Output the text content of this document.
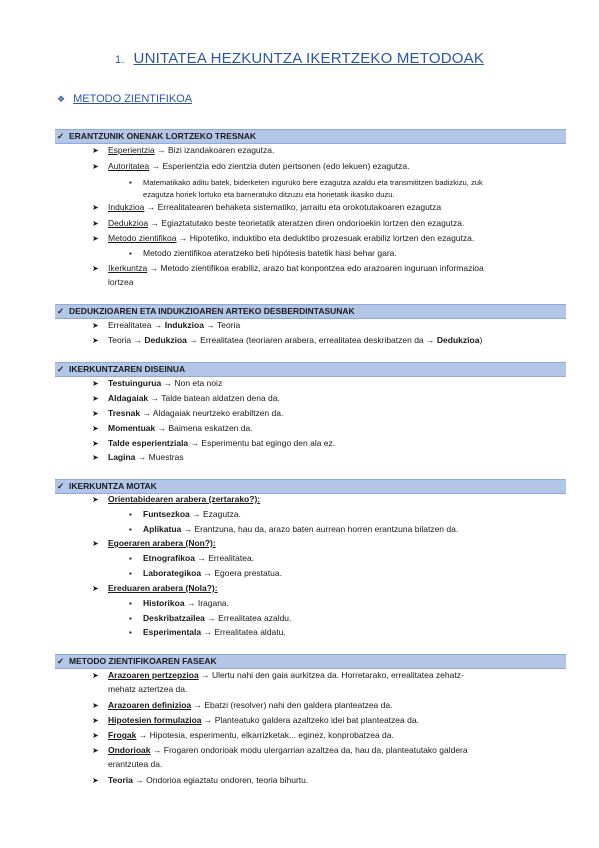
1. UNITATEA HEZKUNTZA IKERTZEKO METODOAK
❖ METODO ZIENTIFIKOA
✓ ERANTZUNIK ONENAK LORTZEKO TRESNAK
➤ Esperientzia → Bizi izandakoaren ezagutza.
➤ Autoritatea → Esperientzia edo zientzia duten pertsonen (edo lekuen) ezagutza.
▪ Matematikako aditu batek, biderketen inguruko bere ezagutza azaldu eta transmititzen badizkizu, zuk
ezagutza horiek lortuko eta barneratuko ditzuzu eta horietatik ikasiko duzu.
➤ Indukzioa → Errealitatearen behaketa sistematiko, jarraitu eta orokotutakoaren ezagutza
➤ Dedukzioa → Egiaztatutako beste teorietatik ateratzen diren ondorioekin lortzen den ezagutza.
➤ Metodo zientifikoa → Hipotetiko, induktibo eta deduktibo prozesuak erabiliz lortzen den ezagutza.
▪ Metodo zientifikoa ateratzeko beti hipótesis batetik hasi behar gara.
➤ Ikerkuntza → Metodo zientifikoa erabiliz, arazo bat konpontzea edo arazoaren inguruan informazioa
lortzea
✓ DEDUKZIOAREN ETA INDUKZIOAREN ARTEKO DESBERDINTASUNAK
➤ Errealitatea → Indukzioa → Teoria
➤ Teoria → Dedukzioa → Errealitatea (teoriaren arabera, errealitatea deskribatzen da → Dedukzioa)
✓ IKERKUNTZAREN DISEINUA
➤ Testuingurua → Non eta noiz
➤ Aldagaiak → Talde batean aldatzen dena da.
➤ Tresnak → Aldagaiak neurtzeko erabiltzen da.
➤ Momentuak → Baimena eskatzen da.
➤ Talde esperientziala → Esperimentu bat egingo den ala ez.
➤ Lagina → Muestras
✓ IKERKUNTZA MOTAK
➤ Orientabidearen arabera (zertarako?):
▪ Funtsezkoa → Ezagutza.
▪ Aplikatua → Erantzuna, hau da, arazo baten aurrean horren erantzuna bilatzen da.
➤ Egoeraren arabera (Non?):
▪ Etnografikoa → Errealitatea.
▪ Laborategikoa → Egoera prestatua.
➤ Ereduaren arabera (Nola?):
▪ Historikoa → Iragana.
▪ Deskribatzailea → Errealitatea azaldu.
▪ Esperimentala → Errealitatea aldatu.
✓ METODO ZIENTIFIKOAREN FASEAK
➤ Arazoaren pertzepzioa → Ulertu nahi den gaia aurkitzea da. Horretarako, errealitatea zehatz-
mehatz aztertzea da.
➤ Arazoaren definizioa → Ebatzi (resolver) nahi den galdera planteatzea da.
➤ Hipotesien formulazioa → Planteatuko galdera azaltzeko idei bat planteatzea da.
➤ Frogak → Hipotesia, esperimentu, elkarrizketak... eginez, konprobatzea da.
➤ Ondorioak → Frogaren ondorioak modu ulergarrian azaltzea da, hau da, planteatutako galdera
erantzutea da.
➤ Teoria → Ondorioa egiaztatu ondoren, teoria bihurtu.
